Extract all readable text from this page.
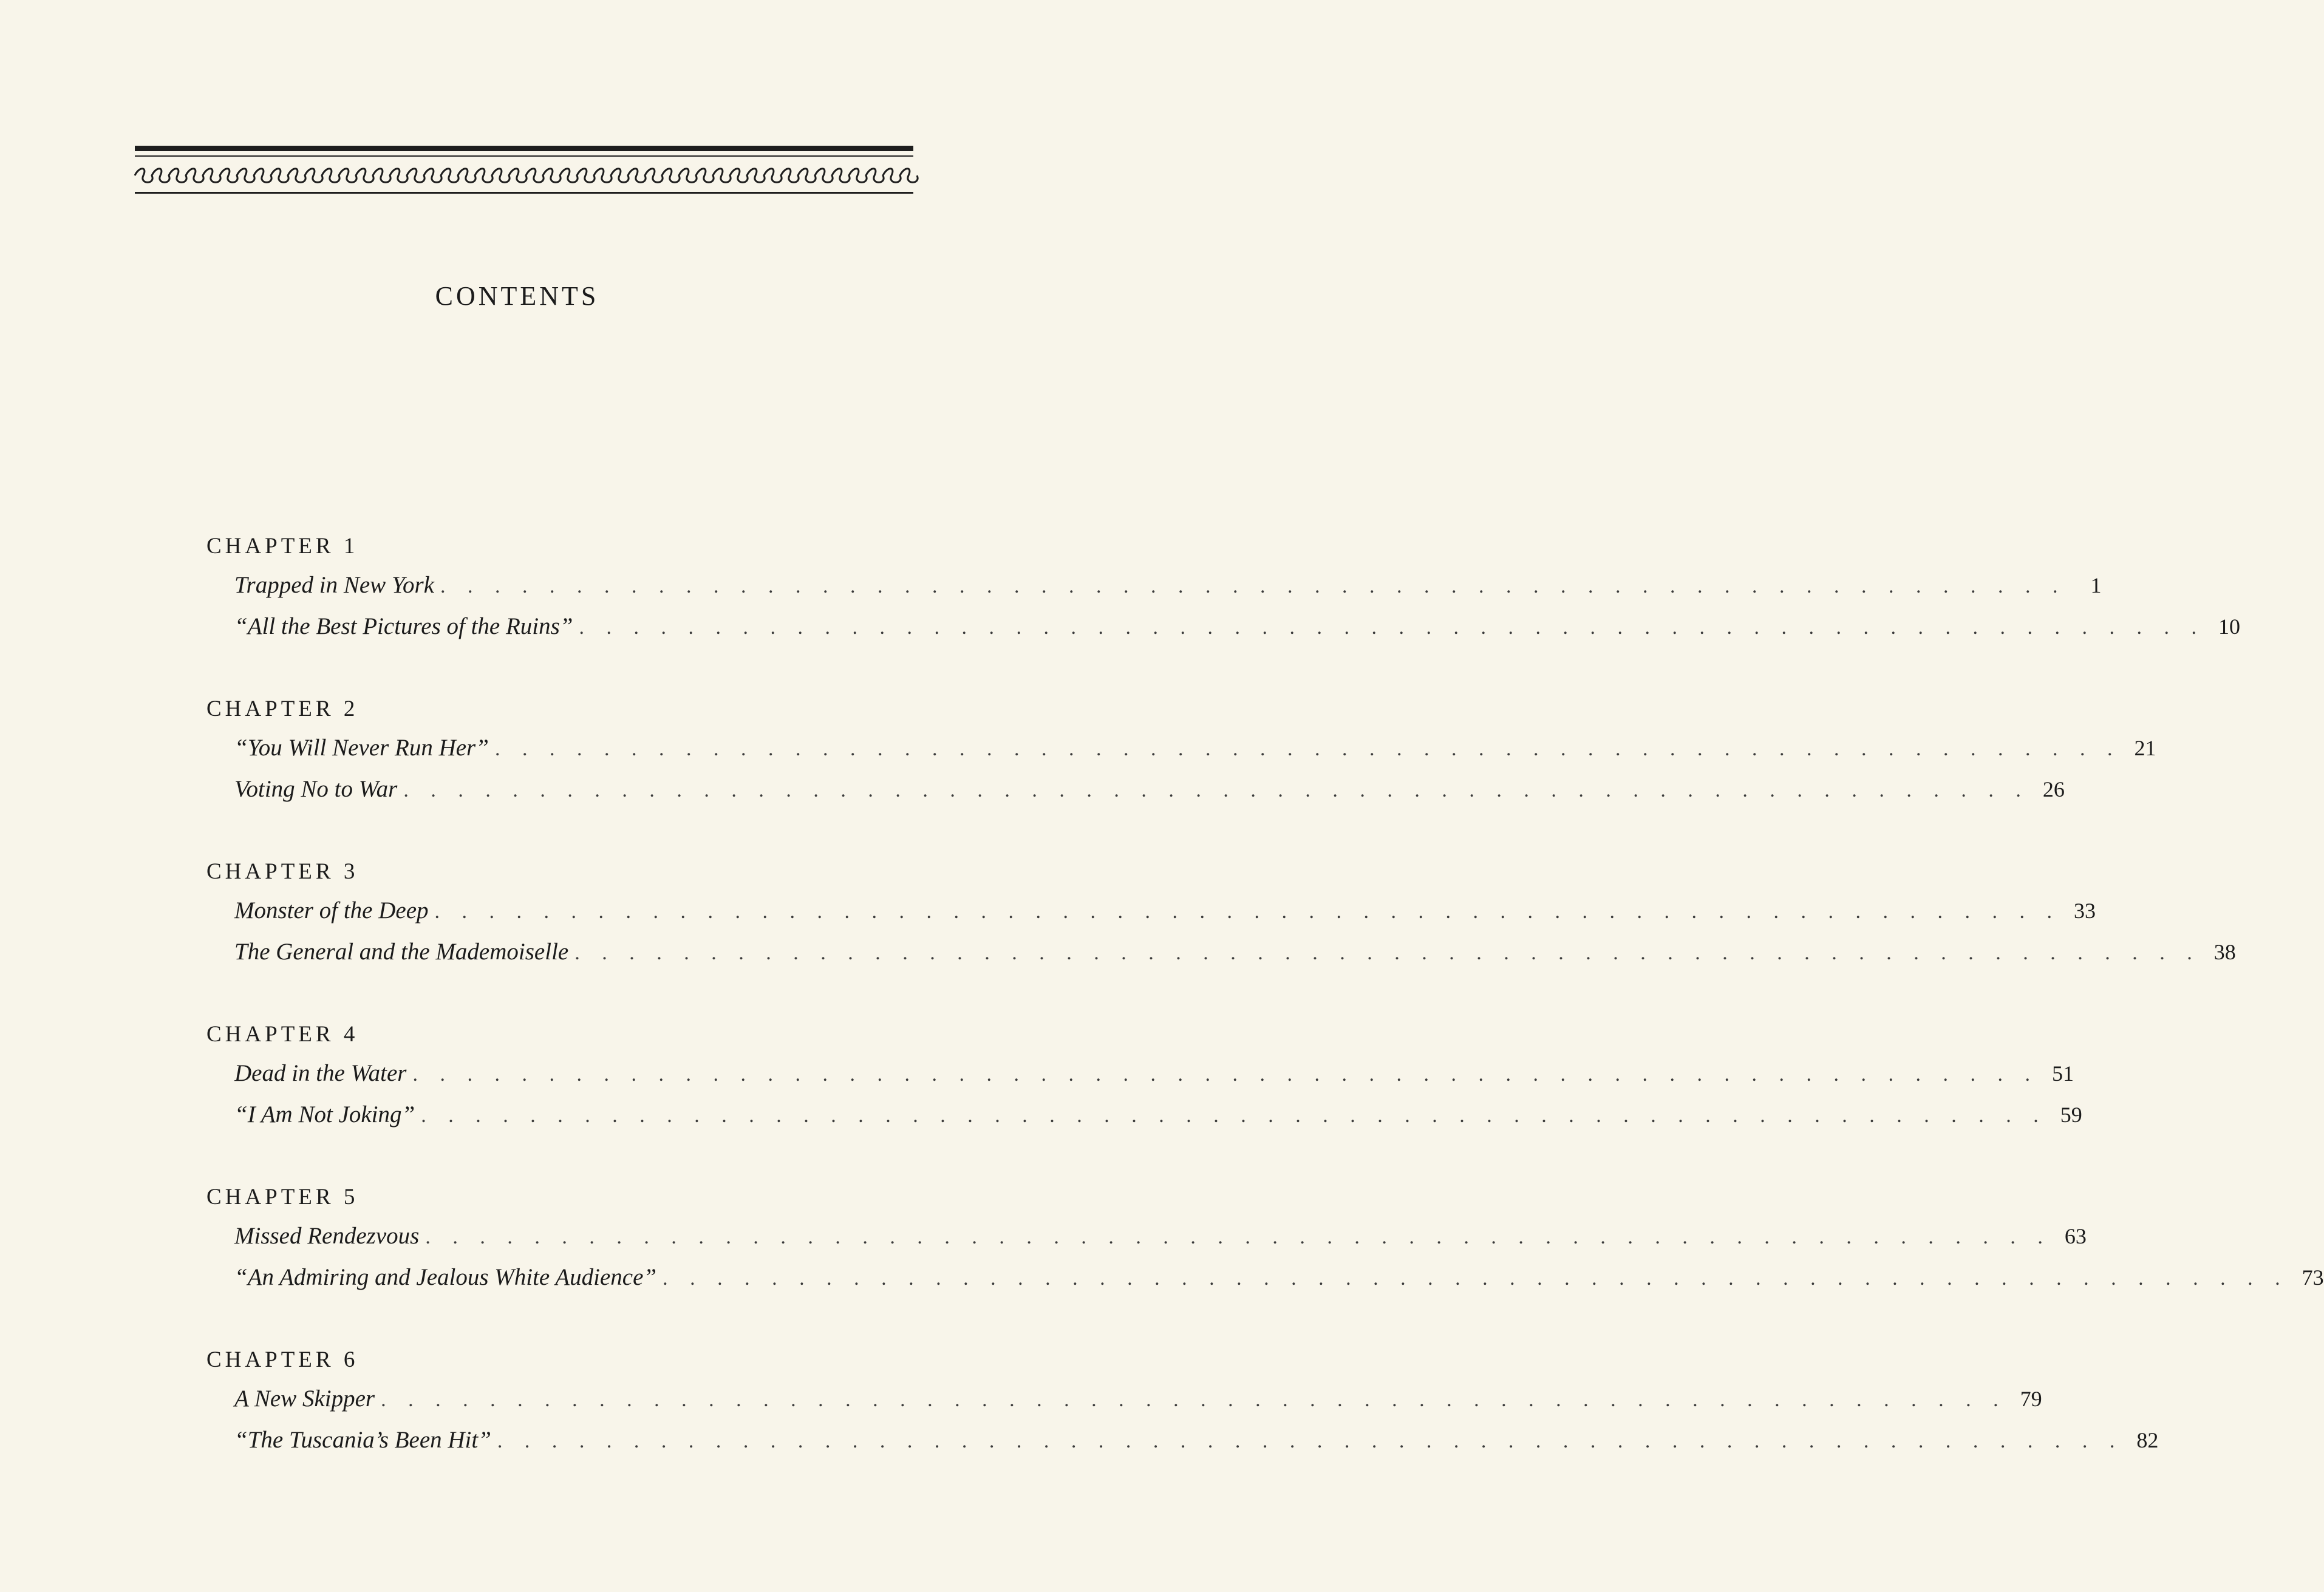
CONTENTS
CHAPTER 1
Trapped in New York . . . . . . . . . . . . . . . . . . . . . . . . . . . . . . . . . . . . . . . . . . . . . . . . . . . . . . . . . . . .	1
“All the Best Pictures of the Ruins” . . . . . . . . . . . . . . . . . . . . . . . . . . . . . . . . . . . . . . . . . . . . . . . . . . . . . . . . . . . . 10
CHAPTER 2
“You Will Never Run Her” . . . . . . . . . . . . . . . . . . . . . . . . . . . . . . . . . . . . . . . . . . . . . . . . . . . . . . . . . . . . 21
Voting No to War . . . . . . . . . . . . . . . . . . . . . . . . . . . . . . . . . . . . . . . . . . . . . . . . . . . . . . . . . . . . 26
CHAPTER 3
Monster of the Deep . . . . . . . . . . . . . . . . . . . . . . . . . . . . . . . . . . . . . . . . . . . . . . . . . . . . . . . . . . . . 33
The General and the Mademoiselle . . . . . . . . . . . . . . . . . . . . . . . . . . . . . . . . . . . . . . . . . . . . . . . . . . . . . . . . . . . . 38
CHAPTER 4
Dead in the Water . . . . . . . . . . . . . . . . . . . . . . . . . . . . . . . . . . . . . . . . . . . . . . . . . . . . . . . . . . . . 51
“I Am Not Joking” . . . . . . . . . . . . . . . . . . . . . . . . . . . . . . . . . . . . . . . . . . . . . . . . . . . . . . . . . . . . 59
CHAPTER 5
Missed Rendezvous . . . . . . . . . . . . . . . . . . . . . . . . . . . . . . . . . . . . . . . . . . . . . . . . . . . . . . . . . . . . 63
“An Admiring and Jealous White Audience” . . . . . . . . . . . . . . . . . . . . . . . . . . . . . . . . . . . . . . . . . . . . . . . . . . . . . . . . . . . . 73
CHAPTER 6
A New Skipper . . . . . . . . . . . . . . . . . . . . . . . . . . . . . . . . . . . . . . . . . . . . . . . . . . . . . . . . . . . . 79
“The Tuscania’s Been Hit” . . . . . . . . . . . . . . . . . . . . . . . . . . . . . . . . . . . . . . . . . . . . . . . . . . . . . . . . . . . . 82
